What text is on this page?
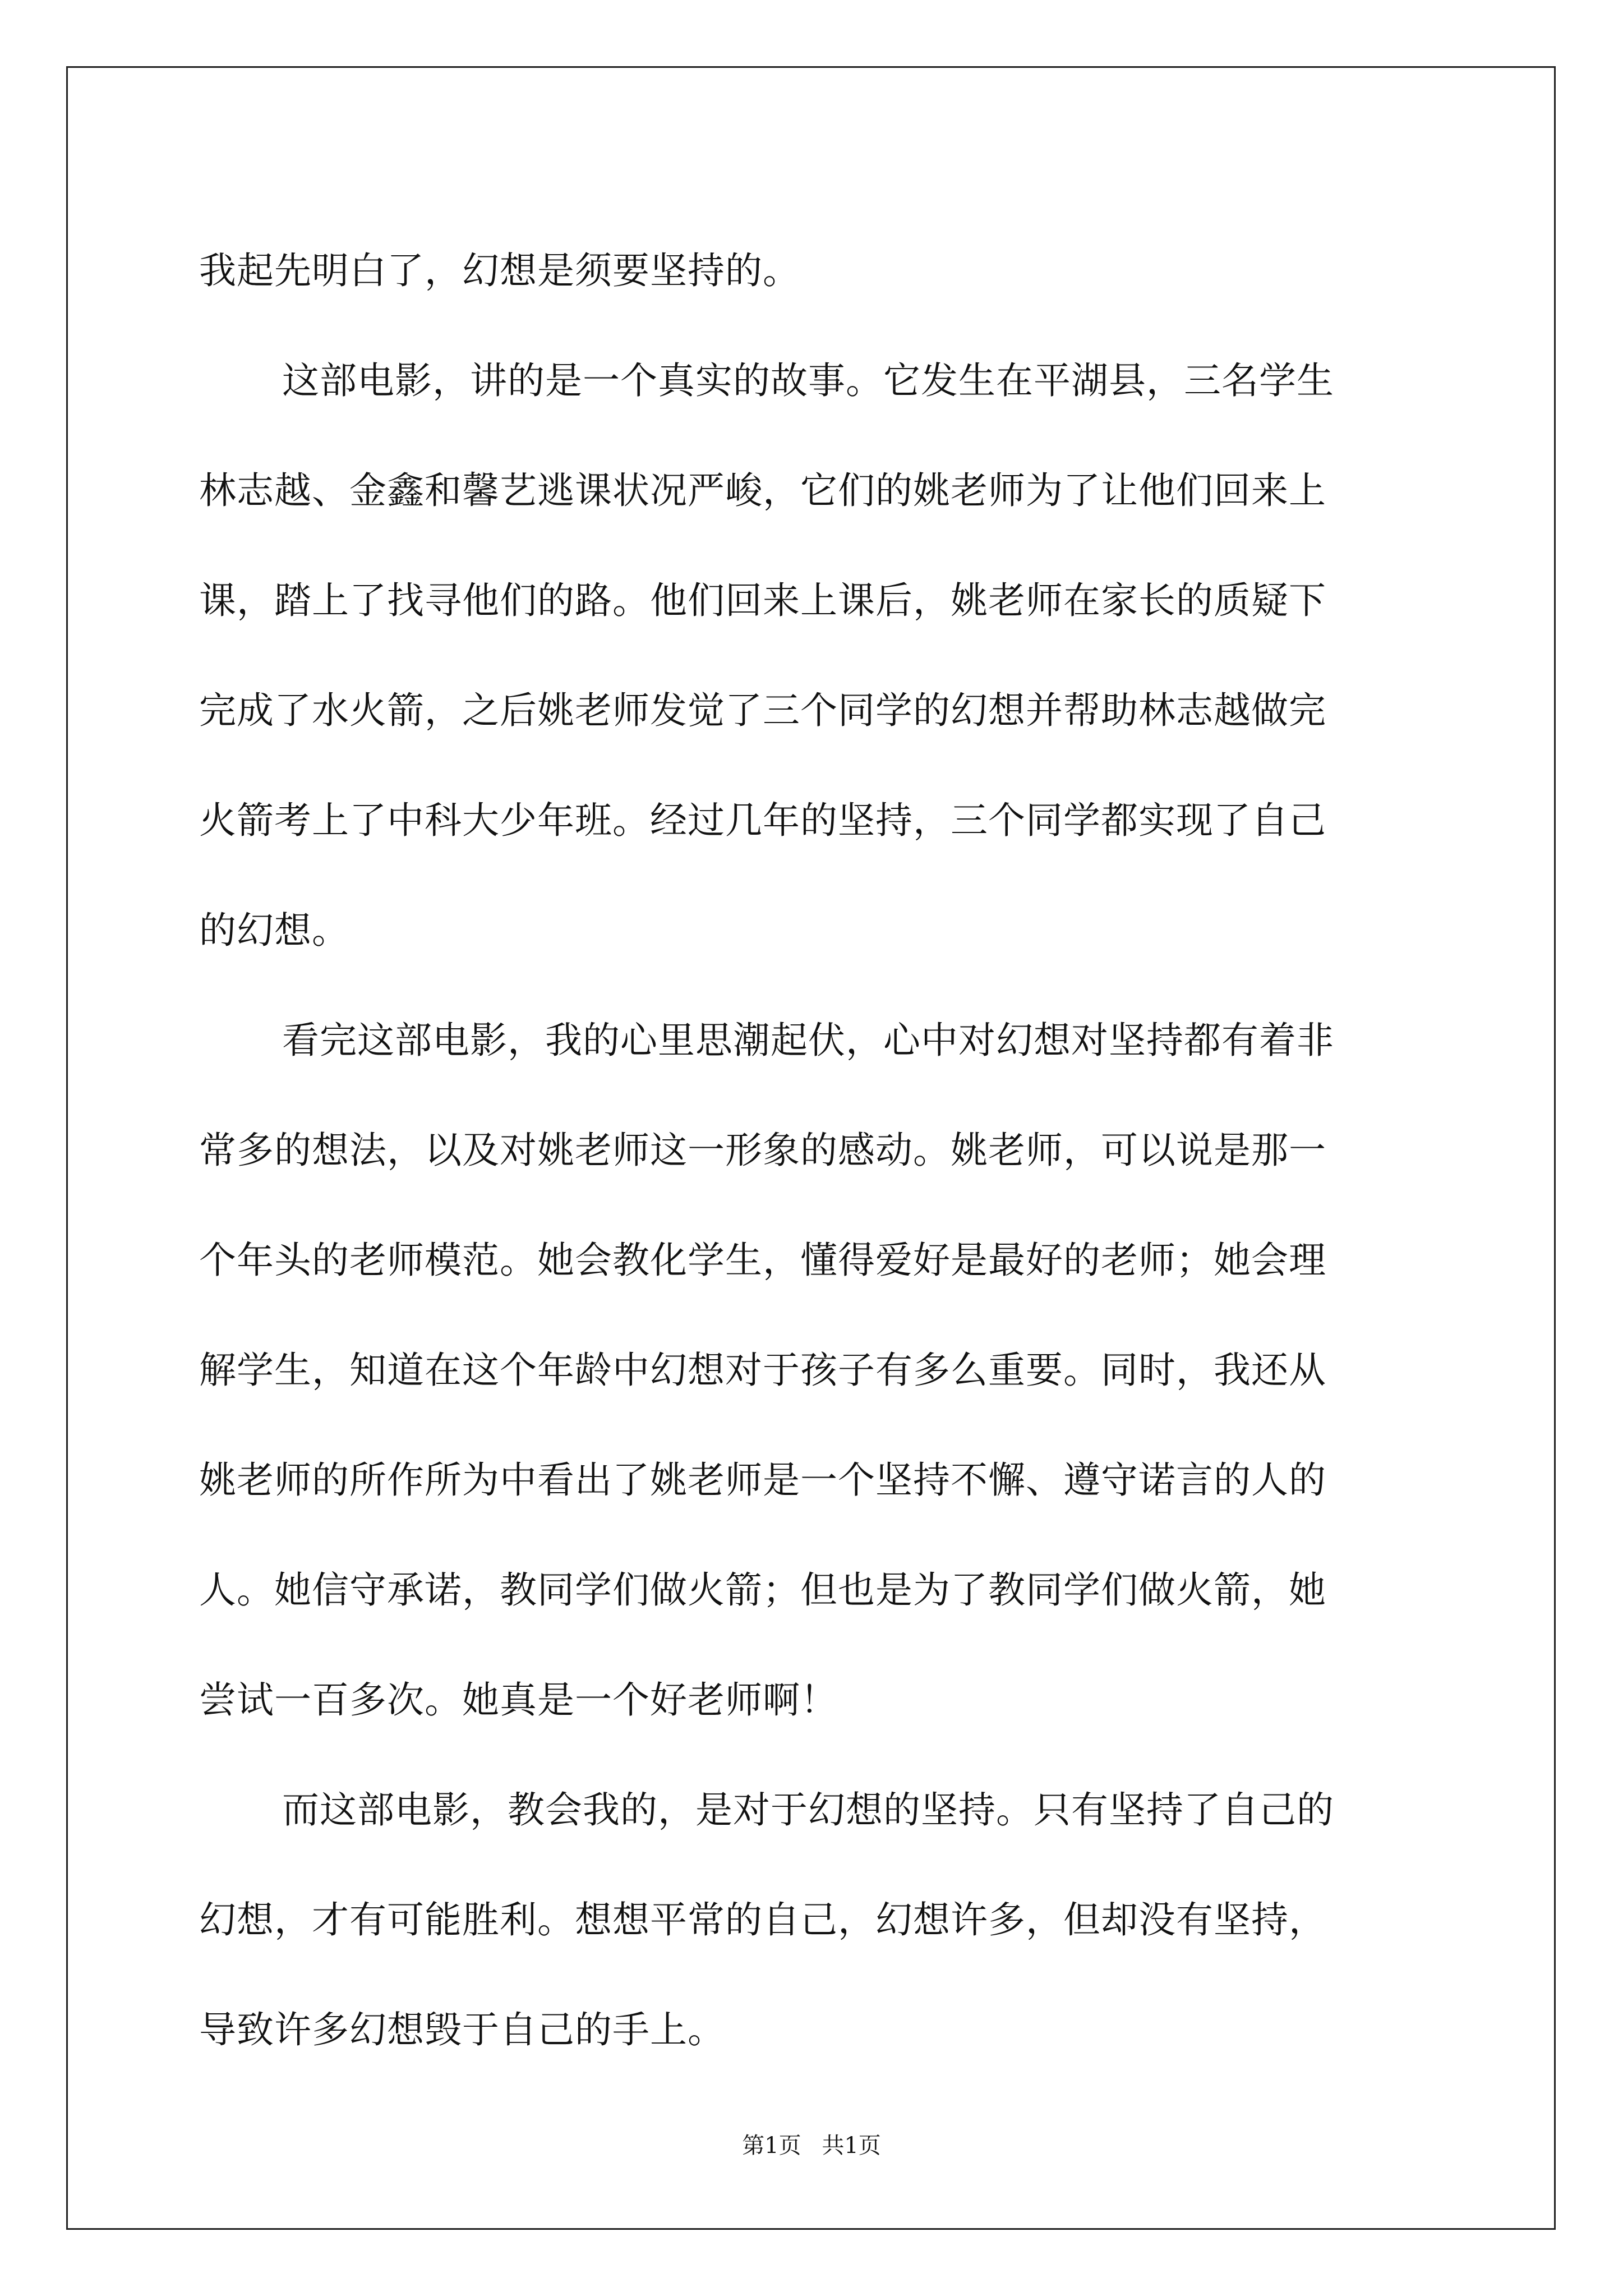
我起先明白了，幻想是须要坚持的。

这部电影，讲的是一个真实的故事。它发生在平湖县，三名学生

林志越、金鑫和馨艺逃课状况严峻，它们的姚老师为了让他们回来上

课，踏上了找寻他们的路。他们回来上课后，姚老师在家长的质疑下

完成了水火箭，之后姚老师发觉了三个同学的幻想并帮助林志越做完

火箭考上了中科大少年班。经过几年的坚持，三个同学都实现了自己

的幻想。

看完这部电影，我的心里思潮起伏，心中对幻想对坚持都有着非

常多的想法，以及对姚老师这一形象的感动。姚老师，可以说是那一

个年头的老师模范。她会教化学生，懂得爱好是最好的老师；她会理

解学生，知道在这个年龄中幻想对于孩子有多么重要。同时，我还从

姚老师的所作所为中看出了姚老师是一个坚持不懈、遵守诺言的人的

人。她信守承诺，教同学们做火箭；但也是为了教同学们做火箭，她

尝试一百多次。她真是一个好老师啊！

而这部电影，教会我的，是对于幻想的坚持。只有坚持了自己的

幻想，才有可能胜利。想想平常的自己，幻想许多，但却没有坚持，

导致许多幻想毁于自己的手上。

第1页 共1页
